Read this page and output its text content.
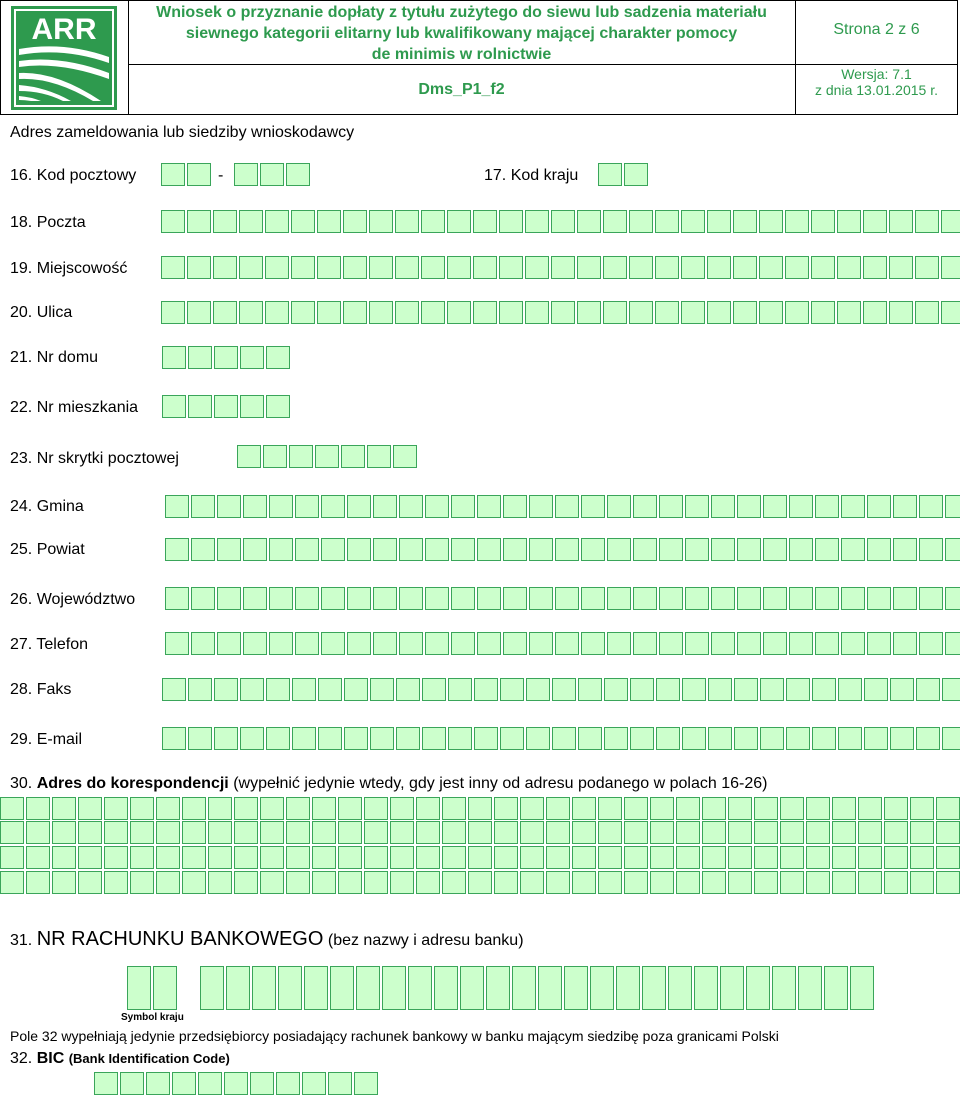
ARR
Wniosek o przyznanie dopłaty z tytułu zużytego do siewu lub sadzenia materiału
siewnego kategorii elitarny lub kwalifikowany mającej charakter pomocy
de minimis w rolnictwie
Strona 2 z 6
Dms_P1_f2
Wersja: 7.1
z dnia 13.01.2015 r.
Adres zameldowania lub siedziby wnioskodawcy
16. Kod pocztowy	-	17. Kod kraju
18. Poczta
19. Miejscowość
20. Ulica
21. Nr domu
22. Nr mieszkania
23. Nr skrytki pocztowej
24. Gmina
25. Powiat
26. Województwo
27. Telefon
28. Faks
29. E-mail
30. Adres do korespondencji (wypełnić jedynie wtedy, gdy jest inny od adresu podanego w polach 16-26)
31. NR RACHUNKU BANKOWEGO (bez nazwy i adresu banku)
Symbol kraju
Pole 32 wypełniają jedynie przedsiębiorcy posiadający rachunek bankowy w banku mającym siedzibę poza granicami Polski
32. BIC (Bank Identification Code)
